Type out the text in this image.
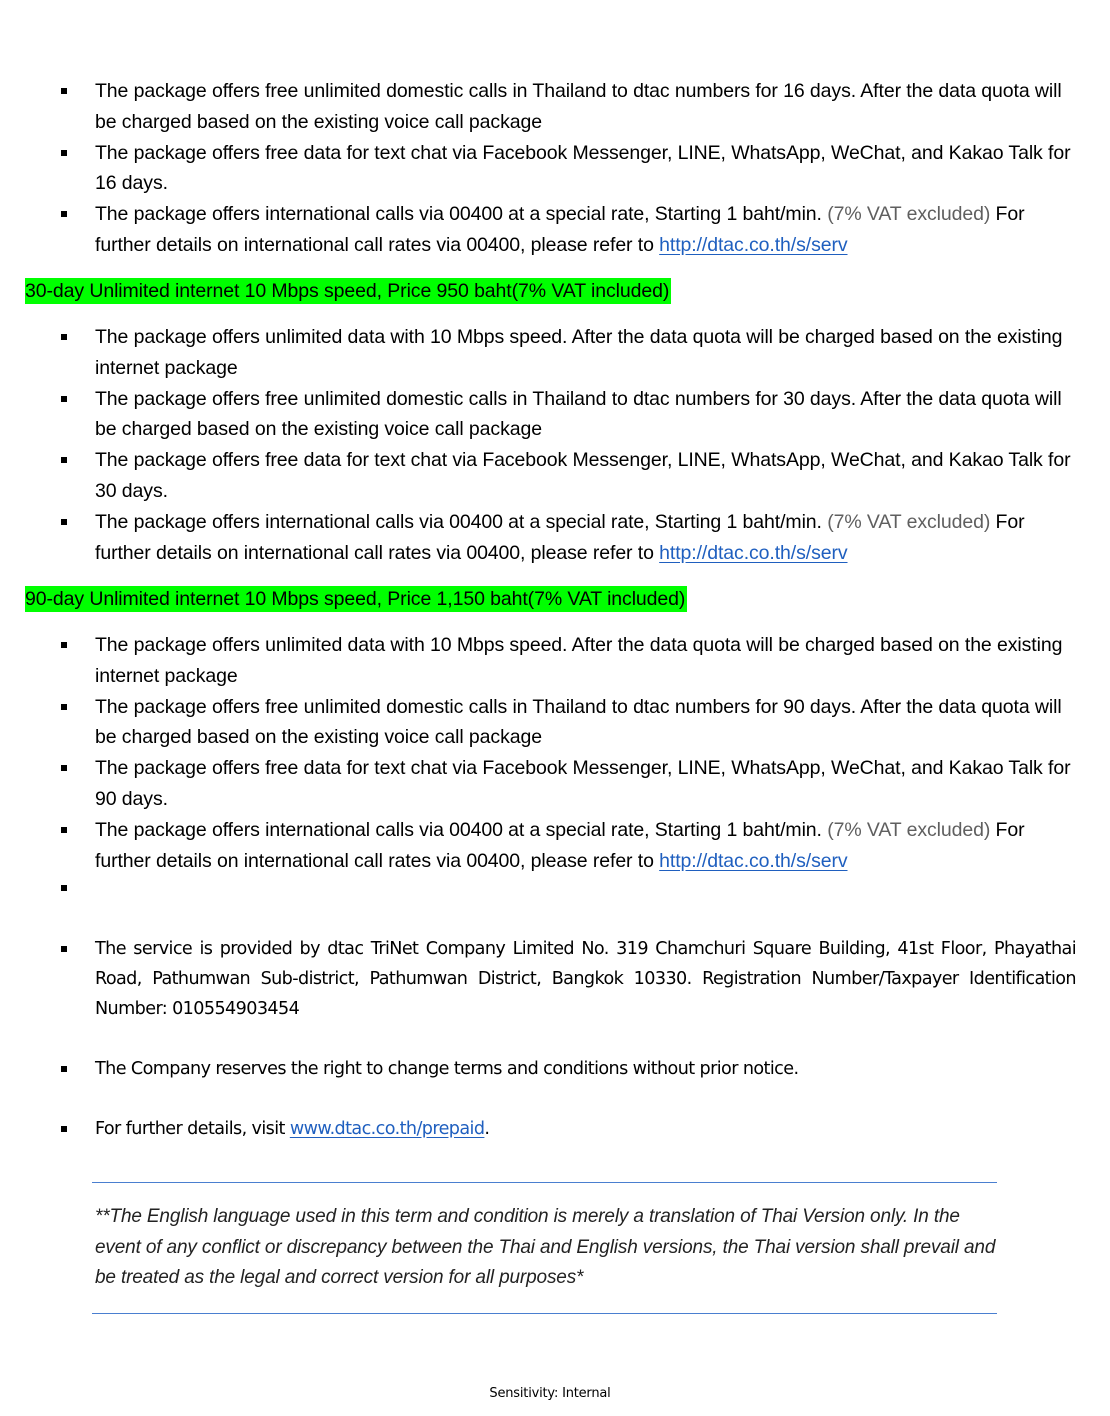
The package offers free unlimited domestic calls in Thailand to dtac numbers for 16 days. After the data quota will be charged based on the existing voice call package
The package offers free data for text chat via Facebook Messenger, LINE, WhatsApp, WeChat, and Kakao Talk for 16 days.
The package offers international calls via 00400 at a special rate, Starting 1 baht/min. (7% VAT excluded) For further details on international call rates via 00400, please refer to http://dtac.co.th/s/serv
30-day Unlimited internet 10 Mbps speed, Price 950 baht(7% VAT included)
The package offers unlimited data with 10 Mbps speed. After the data quota will be charged based on the existing internet package
The package offers free unlimited domestic calls in Thailand to dtac numbers for 30 days. After the data quota will be charged based on the existing voice call package
The package offers free data for text chat via Facebook Messenger, LINE, WhatsApp, WeChat, and Kakao Talk for 30 days.
The package offers international calls via 00400 at a special rate, Starting 1 baht/min. (7% VAT excluded) For further details on international call rates via 00400, please refer to http://dtac.co.th/s/serv
90-day Unlimited internet 10 Mbps speed, Price 1,150 baht(7% VAT included)
The package offers unlimited data with 10 Mbps speed. After the data quota will be charged based on the existing internet package
The package offers free unlimited domestic calls in Thailand to dtac numbers for 90 days. After the data quota will be charged based on the existing voice call package
The package offers free data for text chat via Facebook Messenger, LINE, WhatsApp, WeChat, and Kakao Talk for 90 days.
The package offers international calls via 00400 at a special rate, Starting 1 baht/min. (7% VAT excluded) For further details on international call rates via 00400, please refer to http://dtac.co.th/s/serv
The service is provided by dtac TriNet Company Limited No. 319 Chamchuri Square Building, 41st Floor, Phayathai Road, Pathumwan Sub-district, Pathumwan District, Bangkok 10330. Registration Number/Taxpayer Identification Number: 010554903454
The Company reserves the right to change terms and conditions without prior notice.
For further details, visit www.dtac.co.th/prepaid.
**The English language used in this term and condition is merely a translation of Thai Version only. In the event of any conflict or discrepancy between the Thai and English versions, the Thai version shall prevail and be treated as the legal and correct version for all purposes*
Sensitivity: Internal
